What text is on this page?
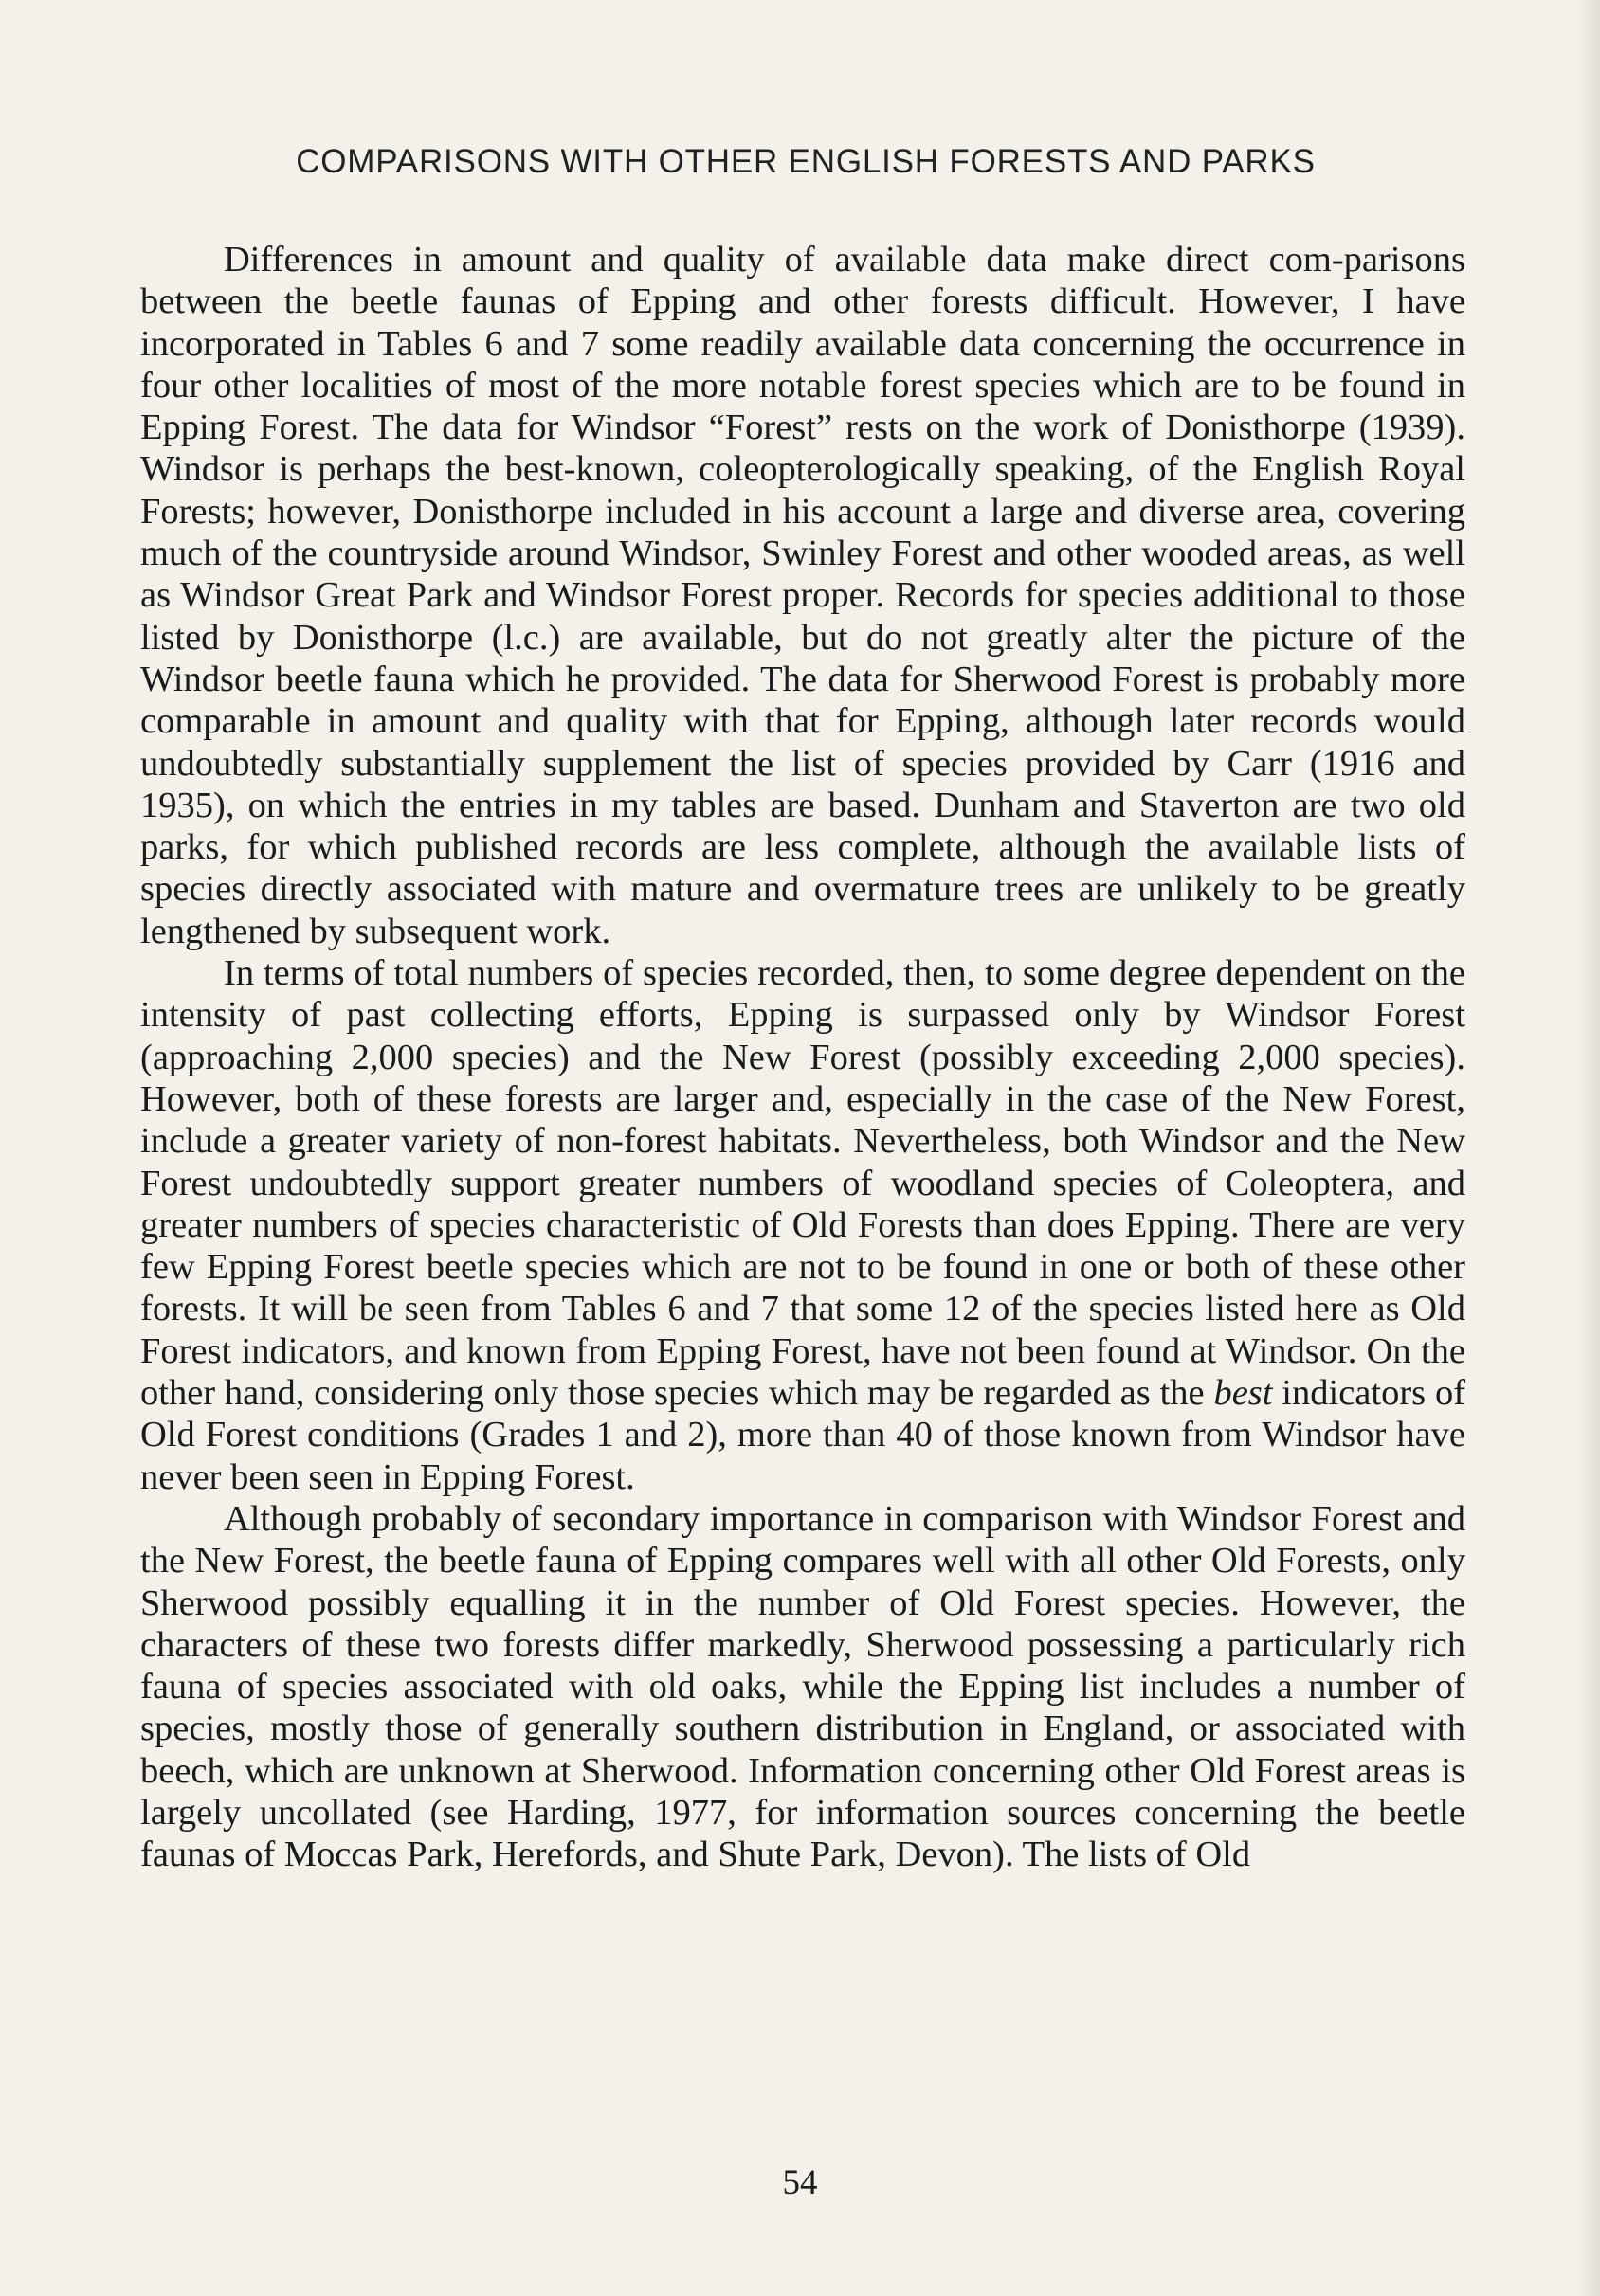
COMPARISONS WITH OTHER ENGLISH FORESTS AND PARKS

Differences in amount and quality of available data make direct com-parisons between the beetle faunas of Epping and other forests difficult. However, I have incorporated in Tables 6 and 7 some readily available data concerning the occurrence in four other localities of most of the more notable forest species which are to be found in Epping Forest. The data for Windsor “Forest” rests on the work of Donisthorpe (1939). Windsor is perhaps the best-known, coleopterologically speaking, of the English Royal Forests; however, Donisthorpe included in his account a large and diverse area, covering much of the countryside around Windsor, Swinley Forest and other wooded areas, as well as Windsor Great Park and Windsor Forest proper. Records for species additional to those listed by Donisthorpe (l.c.) are available, but do not greatly alter the picture of the Windsor beetle fauna which he provided. The data for Sherwood Forest is probably more comparable in amount and quality with that for Epping, although later records would undoubtedly substantially supplement the list of species provided by Carr (1916 and 1935), on which the entries in my tables are based. Dunham and Staverton are two old parks, for which published records are less complete, although the available lists of species directly associated with mature and overmature trees are unlikely to be greatly lengthened by subsequent work.

In terms of total numbers of species recorded, then, to some degree dependent on the intensity of past collecting efforts, Epping is surpassed only by Windsor Forest (approaching 2,000 species) and the New Forest (possibly exceeding 2,000 species). However, both of these forests are larger and, especially in the case of the New Forest, include a greater variety of non-forest habitats. Nevertheless, both Windsor and the New Forest undoubtedly support greater numbers of woodland species of Coleoptera, and greater numbers of species characteristic of Old Forests than does Epping. There are very few Epping Forest beetle species which are not to be found in one or both of these other forests. It will be seen from Tables 6 and 7 that some 12 of the species listed here as Old Forest indicators, and known from Epping Forest, have not been found at Windsor. On the other hand, considering only those species which may be regarded as the best indicators of Old Forest conditions (Grades 1 and 2), more than 40 of those known from Windsor have never been seen in Epping Forest.

Although probably of secondary importance in comparison with Windsor Forest and the New Forest, the beetle fauna of Epping compares well with all other Old Forests, only Sherwood possibly equalling it in the number of Old Forest species. However, the characters of these two forests differ markedly, Sherwood possessing a particularly rich fauna of species associated with old oaks, while the Epping list includes a number of species, mostly those of generally southern distribution in England, or associated with beech, which are unknown at Sherwood. Information concerning other Old Forest areas is largely uncollated (see Harding, 1977, for information sources concerning the beetle faunas of Moccas Park, Herefords, and Shute Park, Devon). The lists of Old

54
